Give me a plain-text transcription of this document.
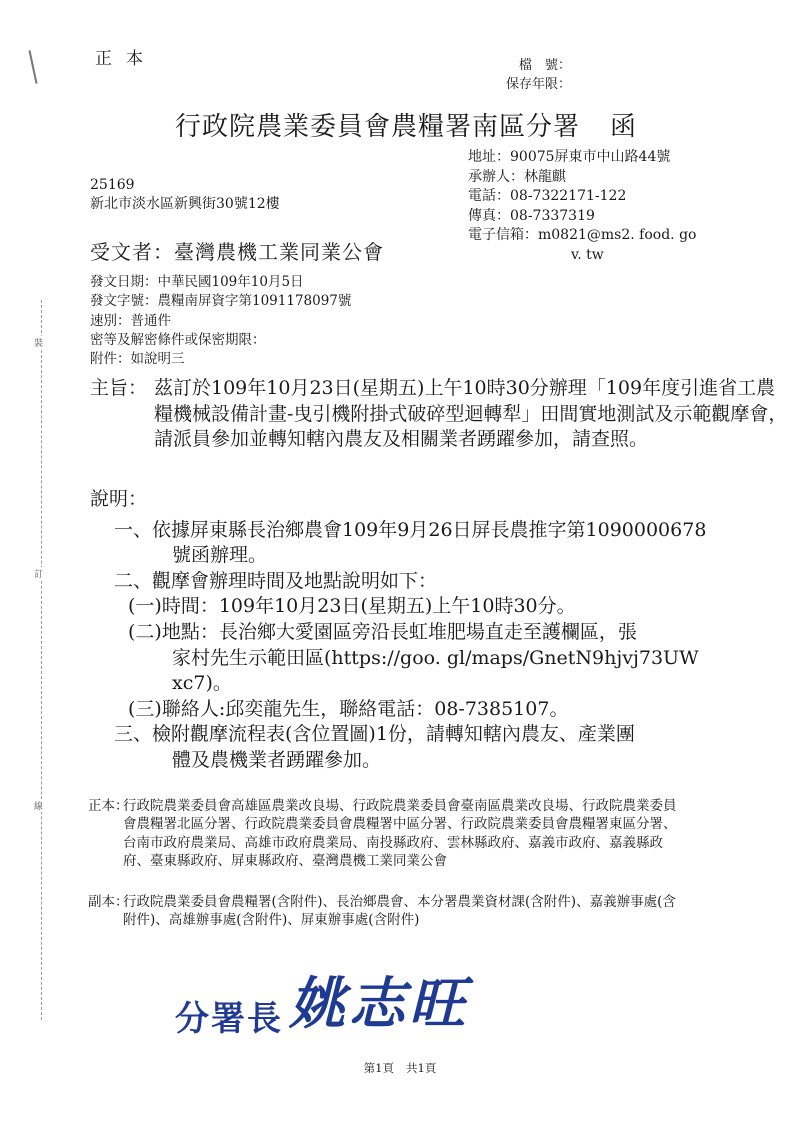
裝
訂
線
正本	檔　號：
保存年限：
行政院農業委員會農糧署南區分署 函
地址：90075屏東市中山路44號
承辦人：林龍麒
電話：08-7322171-122
傳真：08-7337319
電子信箱：m0821@ms2. food. go
v. tw
25169
新北市淡水區新興街30號12樓
受文者：臺灣農機工業同業公會
發文日期：中華民國109年10月5日
發文字號：農糧南屏資字第1091178097號
速別：普通件
密等及解密條件或保密期限：
附件：如說明三
主旨： 茲訂於109年10月23日(星期五)上午10時30分辦理「109年度引進省工農糧機械設備計畫-曳引機附掛式破碎型迴轉犁」田間實地測試及示範觀摩會，請派員參加並轉知轄內農友及相關業者踴躍參加，請查照。
說明：
一、依據屏東縣長治鄉農會109年9月26日屏長農推字第1090000678
號函辦理。
二、觀摩會辦理時間及地點說明如下：
(一)時間：109年10月23日(星期五)上午10時30分。
(二)地點：長治鄉大愛園區旁沿長虹堆肥場直走至護欄區，張
家村先生示範田區(https://goo. gl/maps/GnetN9hjvj73UW
xc7)。
(三)聯絡人:邱奕龍先生，聯絡電話：08-7385107。
三、檢附觀摩流程表(含位置圖)1份，請轉知轄內農友、產業團
體及農機業者踴躍參加。
正本：
行政院農業委員會高雄區農業改良場、行政院農業委員會臺南區農業改良場、行政院農業委員會農糧署北區分署、行政院農業委員會農糧署中區分署、行政院農業委員會農糧署東區分署、台南市政府農業局、高雄市政府農業局、南投縣政府、雲林縣政府、嘉義市政府、嘉義縣政府、臺東縣政府、屏東縣政府、臺灣農機工業同業公會
副本：
行政院農業委員會農糧署(含附件)、長治鄉農會、本分署農業資材課(含附件)、嘉義辦事處(含附件)、高雄辦事處(含附件)、屏東辦事處(含附件)
分署長 姚志旺
第1頁 共1頁
